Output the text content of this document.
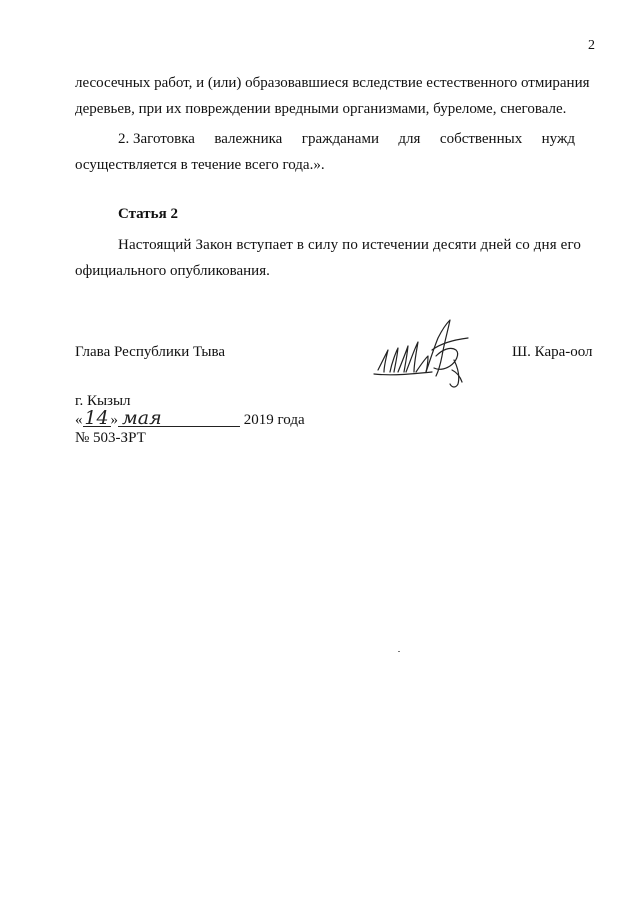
2
лесосечных работ, и (или) образовавшиеся вследствие естественного отмирания
деревьев, при их повреждении вредными организмами, буреломе, снеговале.
2. Заготовка валежника гражданами для собственных нужд
осуществляется в течение всего года.».
Статья 2
Настоящий Закон вступает в силу по истечении десяти дней со дня его
официального опубликования.
Глава Республики Тыва	Ш. Кара-оол
г. Кызыл
« 14 » мая	2019 года
№ 503-ЗРТ
